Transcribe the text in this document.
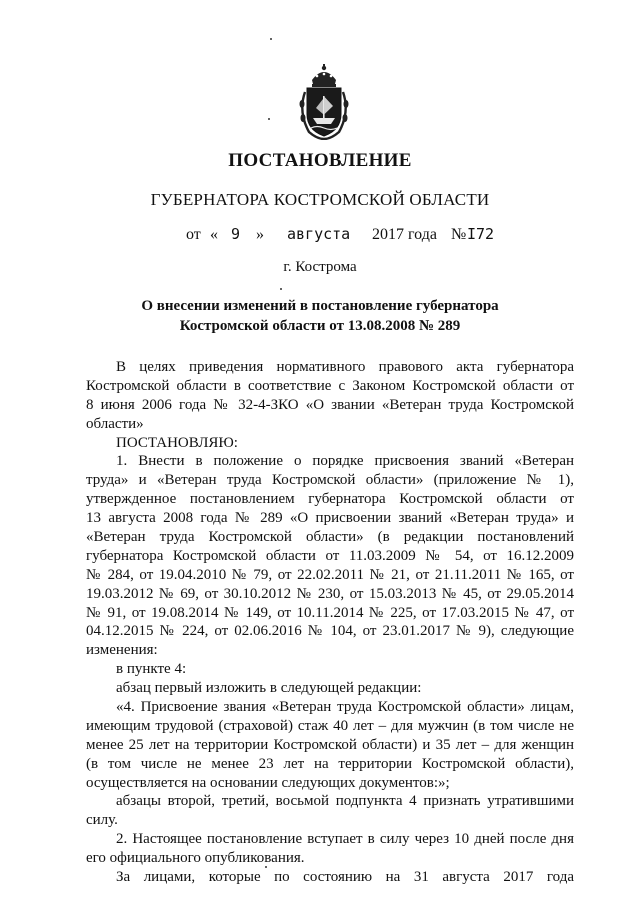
ПОСТАНОВЛЕНИЕ
ГУБЕРНАТОРА КОСТРОМСКОЙ ОБЛАСТИ
от « 9 » августа 2017 года № I72
г. Кострома
О внесении изменений в постановление губернатора
Костромской области от 13.08.2008 № 289
В целях приведения нормативного правового акта губернатора
Костромской области в соответствие с Законом Костромской области от
8 июня 2006 года № 32-4-ЗКО «О звании «Ветеран труда Костромской
области»
ПОСТАНОВЛЯЮ:
1. Внести в положение о порядке присвоения званий «Ветеран
труда» и «Ветеран труда Костромской области» (приложение № 1),
утвержденное постановлением губернатора Костромской области от
13 августа 2008 года № 289 «О присвоении званий «Ветеран труда» и
«Ветеран труда Костромской области» (в редакции постановлений
губернатора Костромской области от 11.03.2009 № 54, от 16.12.2009
№ 284, от 19.04.2010 № 79, от 22.02.2011 № 21, от 21.11.2011 № 165, от
19.03.2012 № 69, от 30.10.2012 № 230, от 15.03.2013 № 45, от 29.05.2014
№ 91, от 19.08.2014 № 149, от 10.11.2014 № 225, от 17.03.2015 № 47, от
04.12.2015 № 224, от 02.06.2016 № 104, от 23.01.2017 № 9), следующие
изменения:
в пункте 4:
абзац первый изложить в следующей редакции:
«4. Присвоение звания «Ветеран труда Костромской области» лицам,
имеющим трудовой (страховой) стаж 40 лет – для мужчин (в том числе не
менее 25 лет на территории Костромской области) и 35 лет – для женщин
(в том числе не менее 23 лет на территории Костромской области),
осуществляется на основании следующих документов:»;
абзацы второй, третий, восьмой подпункта 4 признать утратившими
силу.
2. Настоящее постановление вступает в силу через 10 дней после дня
его официального опубликования.
За лицами, которые по состоянию на 31 августа 2017 года
